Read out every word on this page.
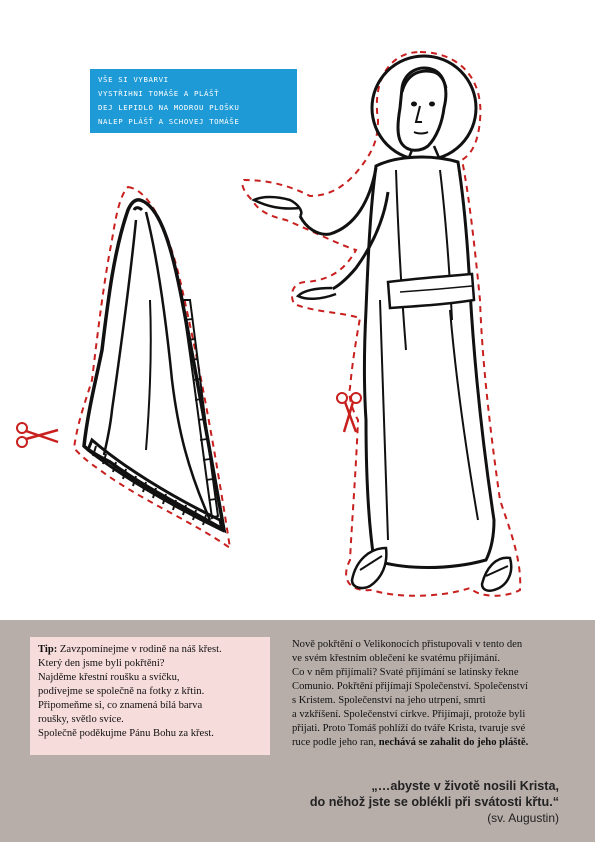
VŠE SI VYBARVI
VYSTŘIHNI TOMÁŠE A PLÁŠŤ
DEJ LEPIDLO NA MODROU PLOŠKU
NALEP PLÁŠŤ A SCHOVEJ TOMÁŠE
Tip: Zavzpomínejme v rodině na náš křest.
Který den jsme byli pokřtěni?
Najděme křestní roušku a svíčku,
podívejme se společně na fotky z křtin.
Připomeňme si, co znamená bílá barva
roušky, světlo svíce.
Společně poděkujme Pánu Bohu za křest.
Nově pokřtění o Velikonocích přistupovali v tento den
ve svém křestním oblečení ke svatému přijímání.
Co v něm přijímali? Svaté přijímání se latinsky řekne
Comunio. Pokřtění přijímají Společenství. Společenství
s Kristem. Společenství na jeho utrpení, smrti
a vzkříšení. Společenství církve. Přijímají, protože byli
přijati. Proto Tomáš pohlíží do tváře Krista, tvaruje své
ruce podle jeho ran, nechává se zahalit do jeho pláště.
„…abyste v životě nosili Krista,
do něhož jste se oblékli při svátosti křtu.“
(sv. Augustin)
